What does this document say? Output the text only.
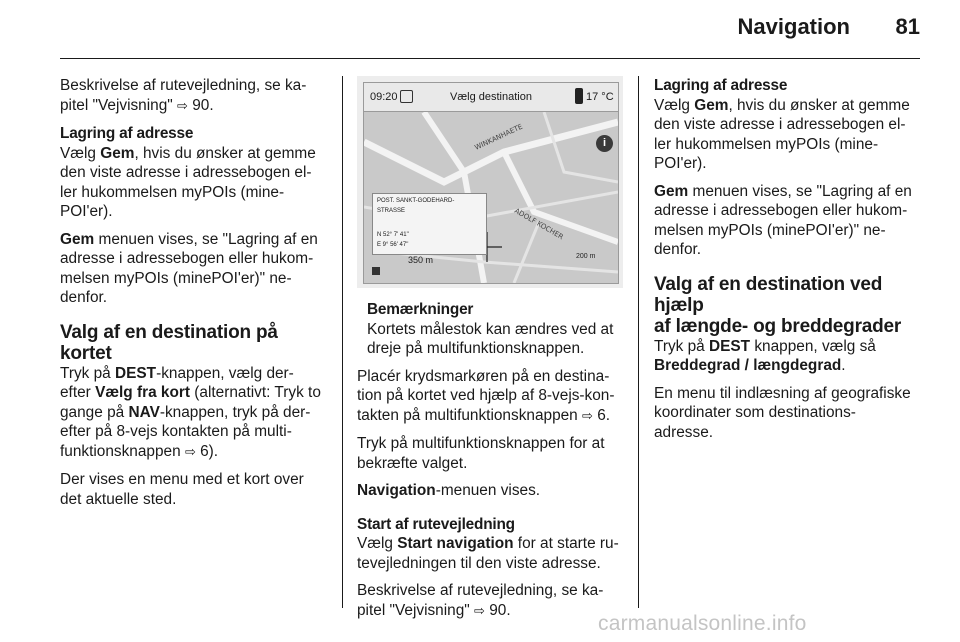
Navigation	81

Beskrivelse af rutevejledning, se ka-
pitel "Vejvisning" ⇨ 90.

Lagring af adresse

Vælg Gem, hvis du ønsker at gemme
den viste adresse i adressebogen el-
ler hukommelsen myPOIs (mine-
POI'er).

Gem menuen vises, se "Lagring af en
adresse i adressebogen eller hukom-
melsen myPOIs (minePOI'er)" ne-
denfor.

Valg af en destination på kortet

Tryk på DEST-knappen, vælg der-
efter Vælg fra kort (alternativt: Tryk to
gange på NAV-knappen, tryk på der-
efter på 8-vejs kontakten på multi-
funktionsknappen ⇨ 6).

Der vises en menu med et kort over
det aktuelle sted.

WINKANHAETE
ADOLF KOCHER
09:20	Vælg destination	17 °C
i
POST. SANKT-GODEHARD-STRASSE
N 52° 7' 41"
E 9° 56' 47"
350 m	200 m
Bemærkninger

Kortets målestok kan ændres ved at
dreje på multifunktionsknappen.

Placér krydsmarkøren på en destina-
tion på kortet ved hjælp af 8-vejs-kon-
takten på multifunktionsknappen ⇨ 6.

Tryk på multifunktionsknappen for at
bekræfte valget.

Navigation-menuen vises.

Start af rutevejledning

Vælg Start navigation for at starte ru-
tevejledningen til den viste adresse.

Beskrivelse af rutevejledning, se ka-
pitel "Vejvisning" ⇨ 90.

Lagring af adresse

Vælg Gem, hvis du ønsker at gemme
den viste adresse i adressebogen el-
ler hukommelsen myPOIs (mine-
POI'er).

Gem menuen vises, se "Lagring af en
adresse i adressebogen eller hukom-
melsen myPOIs (minePOI'er)" ne-
denfor.

Valg af en destination ved hjælp
af længde- og breddegrader

Tryk på DEST knappen, vælg så
Breddegrad / længdegrad.

En menu til indlæsning af geografiske
koordinater som destinations-
adresse.

carmanualsonline.info
